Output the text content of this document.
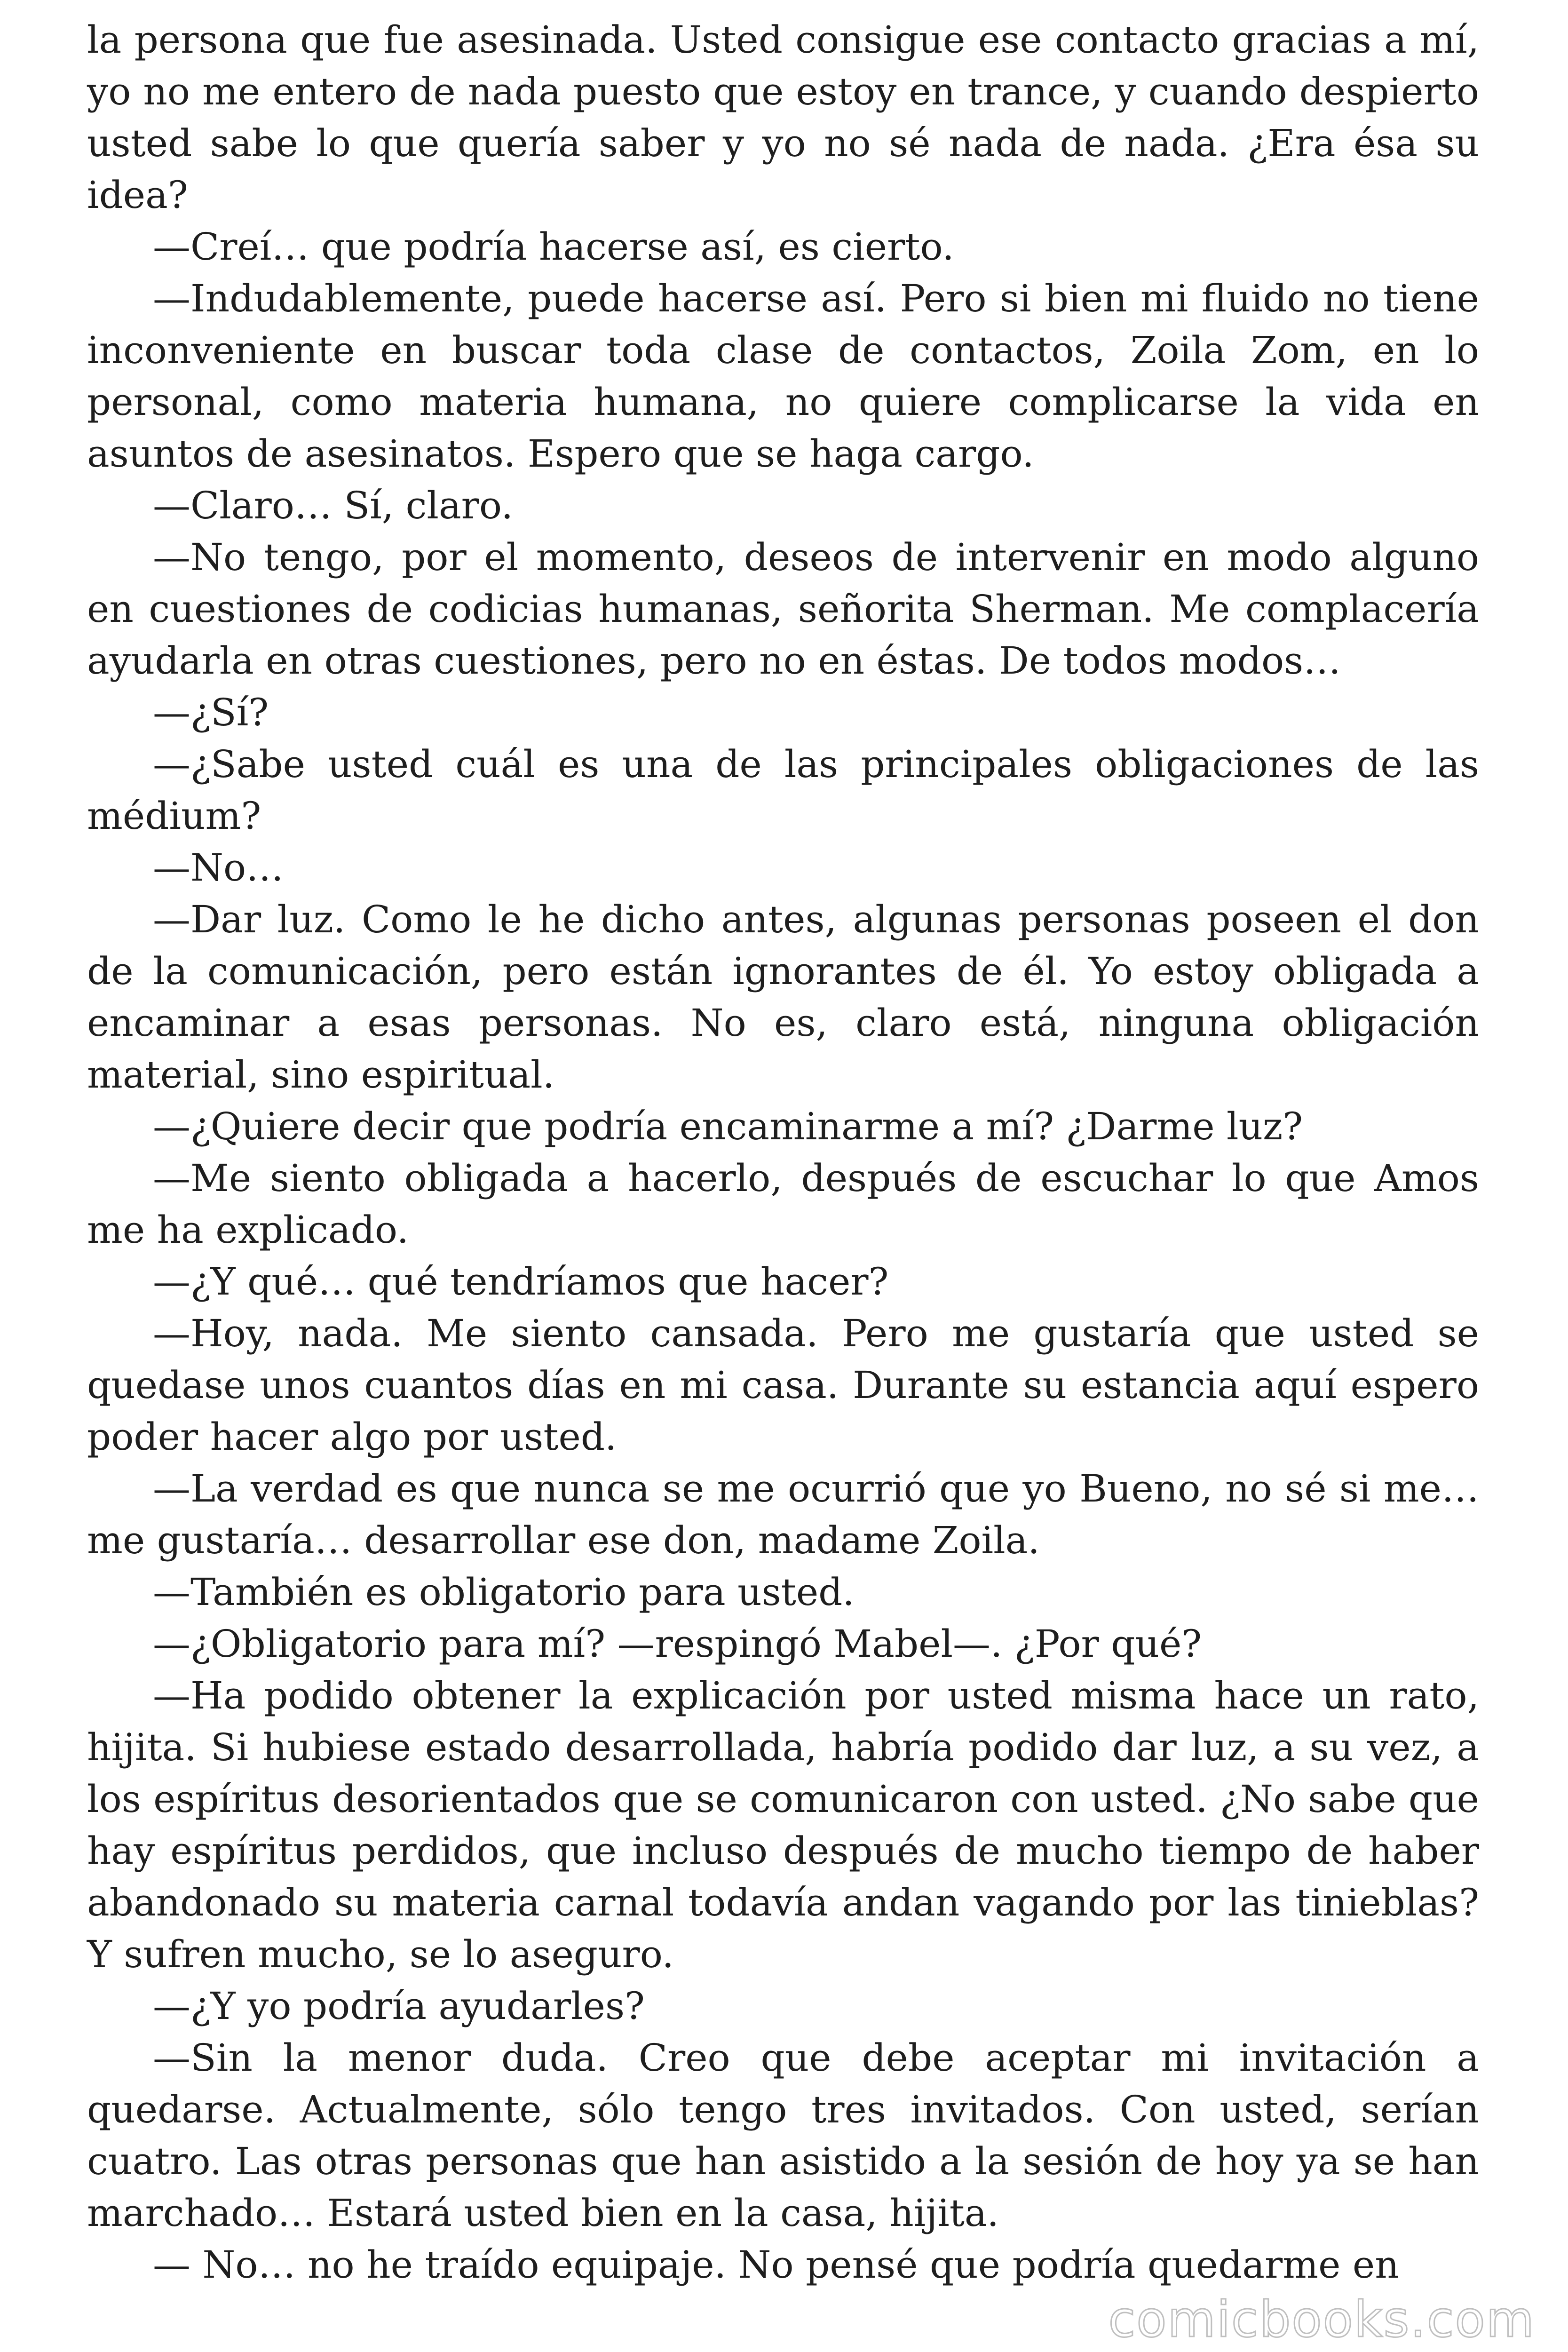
la persona que fue asesinada. Usted consigue ese contacto gracias a mí, yo no me entero de nada puesto que estoy en trance, y cuando despierto usted sabe lo que quería saber y yo no sé nada de nada. ¿Era ésa su idea?

—Creí… que podría hacerse así, es cierto.

—Indudablemente, puede hacerse así. Pero si bien mi fluido no tiene inconveniente en buscar toda clase de contactos, Zoila Zom, en lo personal, como materia humana, no quiere complicarse la vida en asuntos de asesinatos. Espero que se haga cargo.

—Claro… Sí, claro.

—No tengo, por el momento, deseos de intervenir en modo alguno en cuestiones de codicias humanas, señorita Sherman. Me complacería ayudarla en otras cuestiones, pero no en éstas. De todos modos…

—¿Sí?

—¿Sabe usted cuál es una de las principales obligaciones de las médium?

—No…

—Dar luz. Como le he dicho antes, algunas personas poseen el don de la comunicación, pero están ignorantes de él. Yo estoy obligada a encaminar a esas personas. No es, claro está, ninguna obligación material, sino espiritual.

—¿Quiere decir que podría encaminarme a mí? ¿Darme luz?

—Me siento obligada a hacerlo, después de escuchar lo que Amos me ha explicado.

—¿Y qué… qué tendríamos que hacer?

—Hoy, nada. Me siento cansada. Pero me gustaría que usted se quedase unos cuantos días en mi casa. Durante su estancia aquí espero poder hacer algo por usted.

—La verdad es que nunca se me ocurrió que yo Bueno, no sé si me… me gustaría… desarrollar ese don, madame Zoila.

—También es obligatorio para usted.

—¿Obligatorio para mí? —respingó Mabel—. ¿Por qué?

—Ha podido obtener la explicación por usted misma hace un rato, hijita. Si hubiese estado desarrollada, habría podido dar luz, a su vez, a los espíritus desorientados que se comunicaron con usted. ¿No sabe que hay espíritus perdidos, que incluso después de mucho tiempo de haber abandonado su materia carnal todavía andan vagando por las tinieblas? Y sufren mucho, se lo aseguro.

—¿Y yo podría ayudarles?

—Sin la menor duda. Creo que debe aceptar mi invitación a quedarse. Actualmente, sólo tengo tres invitados. Con usted, serían cuatro. Las otras personas que han asistido a la sesión de hoy ya se han marchado… Estará usted bien en la casa, hijita.

— No… no he traído equipaje. No pensé que podría quedarme en

comicbooks.com
